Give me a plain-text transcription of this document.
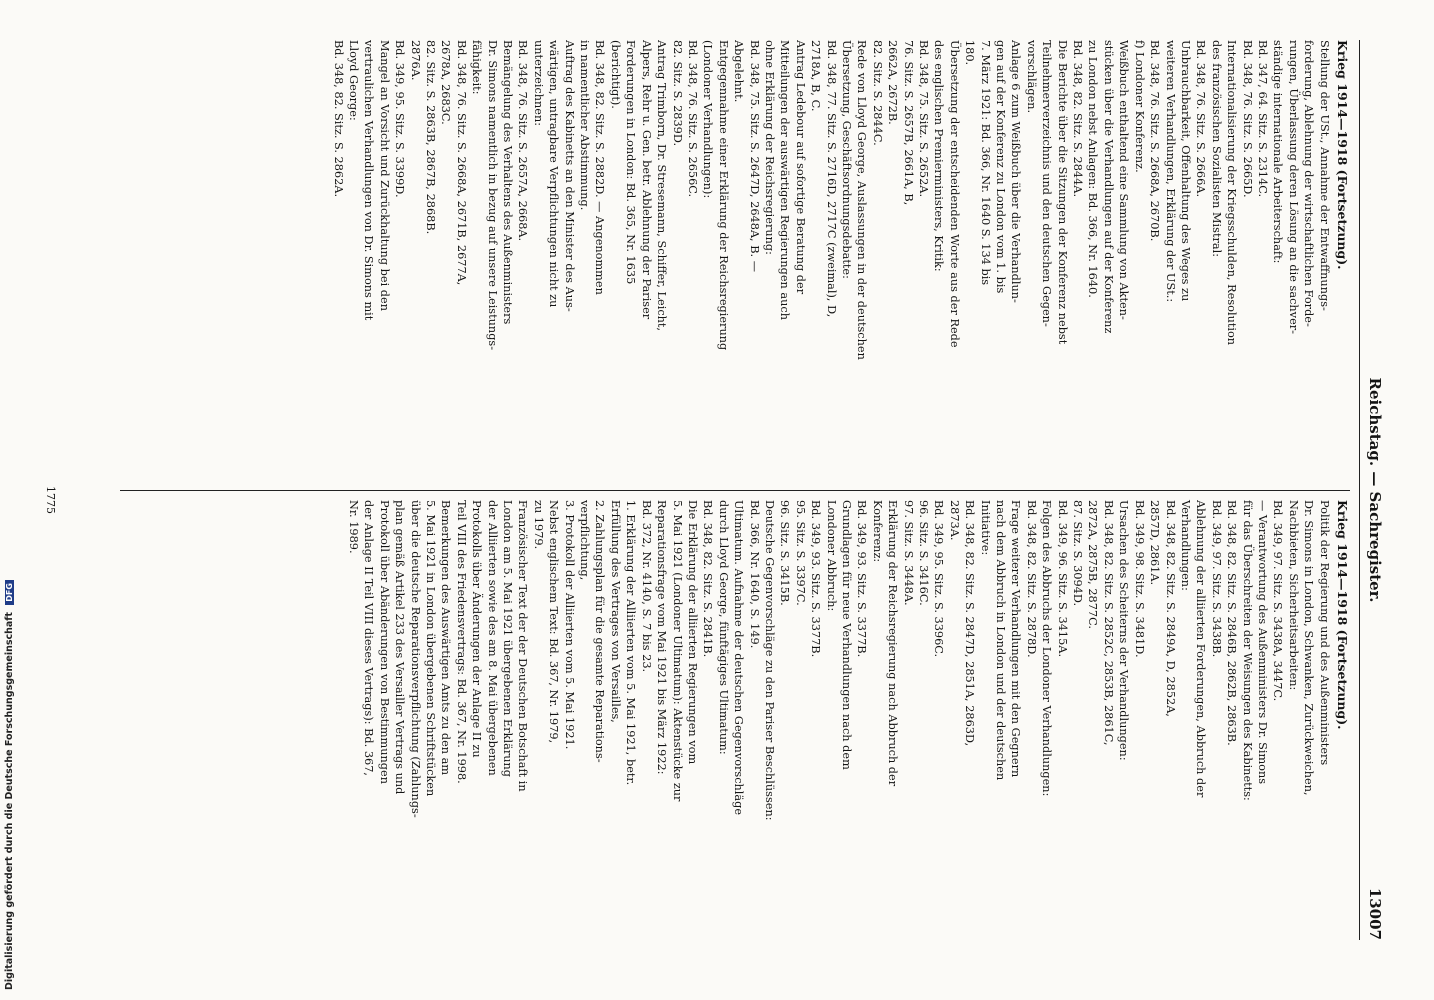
Reichstag. — Sachregister.
13007
Krieg 1914—1918 (Fortsetzung).
Stellung der USt., Annahme der Entwaffnungs-
forderung, Ablehnung der wirtschaftlichen Forde-
rungen, Überlassung deren Lösung an die sachver-
ständige internationale Arbeiterschaft:
Bd. 347, 64. Sitz. S. 2314C.
Bd. 348, 76. Sitz. S. 2665D.
Internationalisierung der Kriegsschulden, Resolution
des französischen Sozialisten Mistral:
Bd. 348, 76. Sitz. S. 2666A.
Unbrauchbarkeit, Offenhaltung des Weges zu
weiteren Verhandlungen, Erklärung der USt.:
Bd. 348, 76. Sitz. S. 2668A, 2670B.
f) Londoner Konferenz.
Weißbuch enthaltend eine Sammlung von Akten-
stücken über die Verhandlungen auf der Konferenz
zu London nebst Anlagen: Bd. 366, Nr. 1640.
Bd. 348, 82. Sitz. S. 2844A.
Die Berichte über die Sitzungen der Konferenz nebst
Teilnehmerverzeichnis und den deutschen Gegen-
vorschlägen.
Anlage 6 zum Weißbuch über die Verhandlun-
gen auf der Konferenz zu London vom 1. bis
7. März 1921: Bd. 366, Nr. 1640 S. 134 bis
180.
Übersetzung der entscheidenden Worte aus der Rede
des englischen Premierministers, Kritik:
Bd. 348, 75. Sitz. S. 2652A.
76. Sitz. S. 2657B, 2661A, B,
2662A, 2672B.
82. Sitz. S. 2844C.
Rede von Lloyd George, Auslassungen in der deutschen
Übersetzung, Geschäftsordnungsdebatte:
Bd. 348, 77. Sitz. S. 2716D, 2717C (zweimal), D,
2718A, B, C.
Antrag Ledebour auf sofortige Beratung der
Mitteilungen der auswärtigen Regierungen auch
ohne Erklärung der Reichsregierung:
Bd. 348, 75. Sitz. S. 2647D, 2648A, B. —
Abgelehnt.
Entgegennahme einer Erklärung der Reichsregierung
(Londoner Verhandlungen):
Bd. 348, 76. Sitz. S. 2656C.
82. Sitz. S. 2839D.
Antrag Trimborn, Dr. Stresemann, Schiffer, Leicht,
Alpers, Rehr u. Gen. betr. Ablehnung der Pariser
Forderungen in London: Bd. 365, Nr. 1635
(berichtigt).
Bd. 348, 82. Sitz. S. 2882D. — Angenommen
in namentlicher Abstimmung.
Auftrag des Kabinetts an den Minister des Aus-
wärtigen, untragbare Verpflichtungen nicht zu
unterzeichnen:
Bd. 348, 76. Sitz. S. 2657A, 2668A.
Bemängelung des Verhaltens des Außenministers
Dr. Simons namentlich in bezug auf unsere Leistungs-
fähigkeit:
Bd. 348, 76. Sitz. S. 2668A, 2671B, 2677A,
2678A, 2683C.
82. Sitz. S. 2863B, 2867B, 2868B.
2876A.
Bd. 349, 95. Sitz. S. 3399D.
Mangel an Vorsicht und Zurückhaltung bei den
vertraulichen Verhandlungen von Dr. Simons mit
Lloyd George:
Bd. 348, 82. Sitz. S. 2862A.
Krieg 1914—1918 (Fortsetzung).
Politik der Regierung und des Außenministers
Dr. Simons in London, Schwanken, Zurückweichen,
Nachbieten, Sicherheitsarbeiten:
Bd. 349, 97. Sitz. S. 3438A, 3447C.
— Verantwortung des Außenministers Dr. Simons
für das Überschreiten der Weisungen des Kabinetts:
Bd. 348, 82. Sitz. S. 2846B, 2862B, 2863B.
Bd. 349, 97. Sitz. S. 3438B.
Ablehnung der alliierten Forderungen, Abbruch der
Verhandlungen:
Bd. 348, 82. Sitz. S. 2849A, D, 2852A,
2857D, 2861A.
Bd. 349, 98. Sitz. S. 3481D.
Ursachen des Scheiterns der Verhandlungen:
Bd. 348, 82. Sitz. S. 2852C, 2853B, 2861C,
2872A, 2875B, 2877C.
87. Sitz. S. 3094D.
Bd. 349, 96. Sitz. S. 3415A.
Folgen des Abbruchs der Londoner Verhandlungen:
Bd. 348, 82. Sitz. S. 2878D.
Frage weiterer Verhandlungen mit den Gegnern
nach dem Abbruch in London und der deutschen
Initiative:
Bd. 348, 82. Sitz. S. 2847D, 2851A, 2863D,
2873A.
Bd. 349, 95. Sitz. S. 3396C.
96. Sitz. S. 3416C.
97. Sitz. S. 3448A.
Erklärung der Reichsregierung nach Abbruch der
Konferenz:
Bd. 349, 93. Sitz. S. 3377B.
Grundlagen für neue Verhandlungen nach dem
Londoner Abbruch:
Bd. 349, 93. Sitz. S. 3377B.
95. Sitz. S. 3397C.
96. Sitz. S. 3415B.
Deutsche Gegenvorschläge zu den Pariser Beschlüssen:
Bd. 366, Nr. 1640, S. 149.
Ultimatum. Aufnahme der deutschen Gegenvorschläge
durch Lloyd George, fünftägiges Ultimatum:
Bd. 348, 82. Sitz. S. 2841B.
Die Erklärung der alliierten Regierungen vom
5. Mai 1921 (Londoner Ultimatum): Aktenstücke zur
Reparationsfrage vom Mai 1921 bis März 1922:
Bd. 372, Nr. 4140, S. 7 bis 23.
1. Erklärung der Alliierten vom 5. Mai 1921, betr.
Erfüllung des Vertrages von Versailles,
2. Zahlungsplan für die gesamte Reparations-
verpflichtung,
3. Protokoll der Alliierten vom 5. Mai 1921.
Nebst englischem Text: Bd. 367, Nr. 1979,
zu 1979.
Französischer Text der der Deutschen Botschaft in
London am 5. Mai 1921 übergebenen Erklärung
der Alliierten sowie des am 8. Mai übergebenen
Protokolls über Änderungen der Anlage II zu
Teil VIII des Friedensvertrags: Bd. 367, Nr. 1998.
Bemerkungen des Auswärtigen Amts zu den am
5. Mai 1921 in London übergebenen Schriftstücken
über die deutsche Reparationsverpflichtung (Zahlungs-
plan gemäß Artikel 233 des Versailler Vertrags und
Protokoll über Abänderungen von Bestimmungen
der Anlage II Teil VIII dieses Vertrags): Bd. 367,
Nr. 1989.
1775
Digitalisierung gefördert durch die Deutsche Forschungsgemeinschaft DFG
